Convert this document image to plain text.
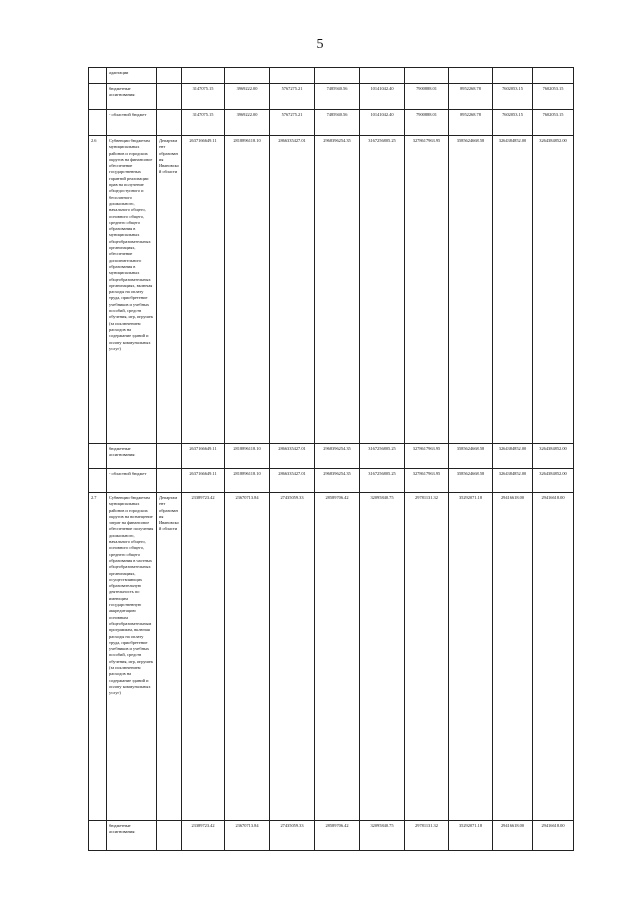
5
	адаптации										
	бюджетные ассигнования:		3147075.15	3969222.00	5767275.21	7485940.56	10141042.40	7900888.01	8952268.78	7602053.15	7602053.15
	- областной бюджет		3147075.15	3969222.00	5767275.21	7485940.56	10141042.40	7900888.01	8952268.78	7602053.15	7602053.15
2.6	Субвенции бюджетам муниципальных районов и городских округов на финансовое обеспечение государственных гарантий реализации прав на получение общедоступного и бесплатного дошкольного, начального общего, основного общего, среднего общего образования в муниципальных общеобразовательных организациях, обеспечение дополнительного образования в муниципальных общеобразовательных организациях, включая расходы на оплату труда, приобретение учебников и учебных пособий, средств обучения, игр, игрушек (за исключением расходов на содержание зданий и оплату коммунальных услуг)	Департамент образования Ивановской области	2637166649.11	2818896118.10	2866335427.01	2968396254.35	3167256805.25	3278617963.95	3585624668.58	3264384852.00	3264384852.00
	бюджетные ассигнования:		2637166649.11	2818896118.10	2866335427.01	2968396254.35	3167256805.25	3278617963.95	3585624668.58	3264384852.00	3264384852.00
	- областной бюджет		2637166649.11	2818896118.10	2866335427.01	2968396254.35	3167256805.25	3278617963.95	3585624668.58	3264384852.00	3264384852.00
2.7	Субвенции бюджетам муниципальных районов и городских округов на возмещение затрат на финансовое обеспечение получения дошкольного, начального общего, основного общего, среднего общего образования в частных общеобразовательных организациях, осуществляющих образовательную деятельность по имеющим государственную аккредитацию основным общеобразовательным программам, включая расходы на оплату труда, приобретение учебников и учебных пособий, средств обучения, игр, игрушек (за исключением расходов на содержание зданий и оплату коммунальных услуг)	Департамент образования Ивановской области	23389723.42	23670713.84	27435059.33	28589706.42	32095840.75	29781131.32	35292071.18	29416618.00	29416618.00
	бюджетные ассигнования:		23389723.42	23670713.84	27435059.33	28589706.42	32095840.75	29781131.32	35292071.18	29416618.00	29416618.00
